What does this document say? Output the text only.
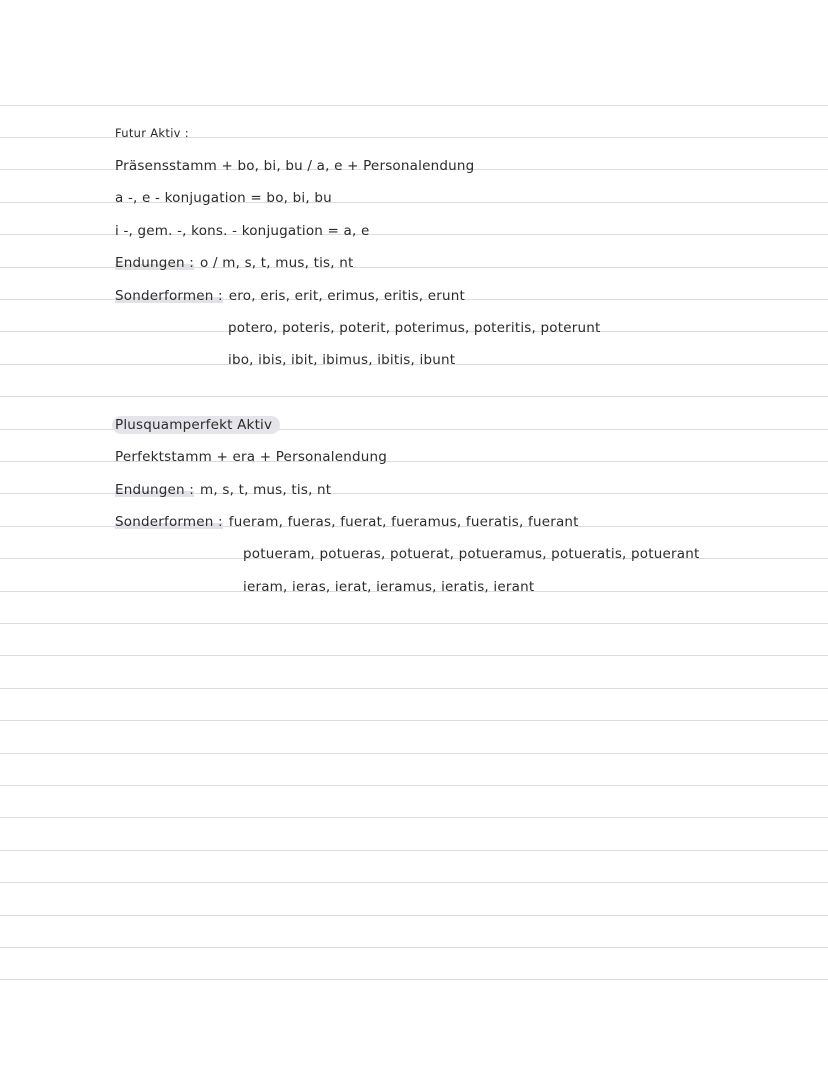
Futur Aktiv :
Präsensstamm + bo, bi, bu / a, e + Personalendung
a -, e - konjugation = bo, bi, bu
i -, gem. -, kons. - konjugation = a, e
Endungen : o / m, s, t, mus, tis, nt
Sonderformen : ero, eris, erit, erimus, eritis, erunt
potero, poteris, poterit, poterimus, poteritis, poterunt
ibo, ibis, ibit, ibimus, ibitis, ibunt
Plusquamperfekt Aktiv
Perfektstamm + era + Personalendung
Endungen : m, s, t, mus, tis, nt
Sonderformen : fueram, fueras, fuerat, fueramus, fueratis, fuerant
potueram, potueras, potuerat, potueramus, potueratis, potuerant
ieram, ieras, ierat, ieramus, ieratis, ierant
